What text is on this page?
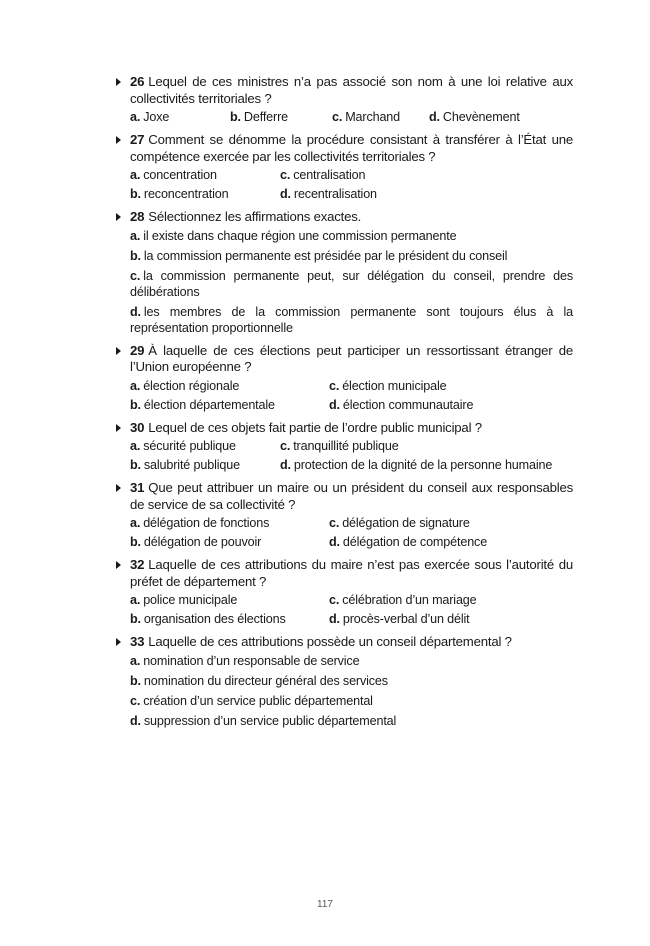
26 Lequel de ces ministres n’a pas associé son nom à une loi relative aux collectivités territoriales ?
a. Joxe	b. Defferre	c. Marchand	d. Chevènement
27 Comment se dénomme la procédure consistant à transférer à l’État une compétence exercée par les collectivités territoriales ?
a. concentration	c. centralisation
b. reconcentration	d. recentralisation
28 Sélectionnez les affirmations exactes.
a. il existe dans chaque région une commission permanente
b. la commission permanente est présidée par le président du conseil
c. la commission permanente peut, sur délégation du conseil, prendre des délibérations
d. les membres de la commission permanente sont toujours élus à la représentation proportionnelle
29 À laquelle de ces élections peut participer un ressortissant étranger de l’Union européenne ?
a. élection régionale	c. élection municipale
b. élection départementale	d. élection communautaire
30 Lequel de ces objets fait partie de l’ordre public municipal ?
a. sécurité publique	c. tranquillité publique
b. salubrité publique	d. protection de la dignité de la personne humaine
31 Que peut attribuer un maire ou un président du conseil aux responsables de service de sa collectivité ?
a. délégation de fonctions	c. délégation de signature
b. délégation de pouvoir	d. délégation de compétence
32 Laquelle de ces attributions du maire n’est pas exercée sous l’autorité du préfet de département ?
a. police municipale	c. célébration d’un mariage
b. organisation des élections	d. procès-verbal d’un délit
33 Laquelle de ces attributions possède un conseil départemental ?
a. nomination d’un responsable de service
b. nomination du directeur général des services
c. création d’un service public départemental
d. suppression d’un service public départemental
117
